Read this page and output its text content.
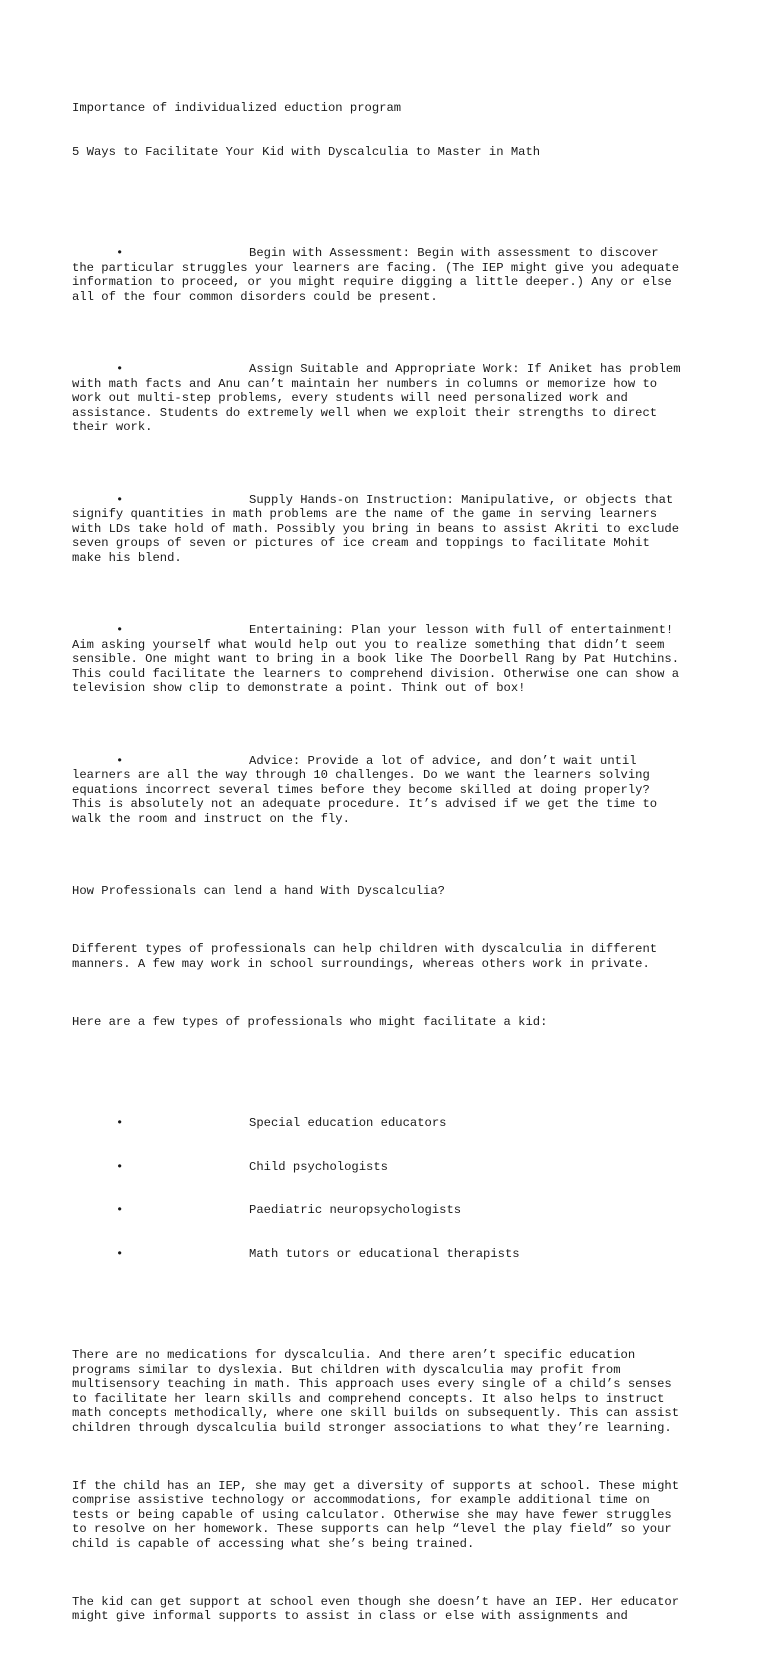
Importance of individualized eduction program

5 Ways to Facilitate Your Kid with Dyscalculia to Master in Math

•	Begin with Assessment: Begin with assessment to discover
the particular struggles your learners are facing. (The IEP might give you adequate
information to proceed, or you might require digging a little deeper.) Any or else
all of the four common disorders could be present.

•	Assign Suitable and Appropriate Work: If Aniket has problem
with math facts and Anu can’t maintain her numbers in columns or memorize how to
work out multi-step problems, every students will need personalized work and
assistance. Students do extremely well when we exploit their strengths to direct
their work.

•	Supply Hands-on Instruction: Manipulative, or objects that
signify quantities in math problems are the name of the game in serving learners
with LDs take hold of math. Possibly you bring in beans to assist Akriti to exclude
seven groups of seven or pictures of ice cream and toppings to facilitate Mohit
make his blend.

•	Entertaining: Plan your lesson with full of entertainment!
Aim asking yourself what would help out you to realize something that didn’t seem
sensible. One might want to bring in a book like The Doorbell Rang by Pat Hutchins.
This could facilitate the learners to comprehend division. Otherwise one can show a
television show clip to demonstrate a point. Think out of box!

•	Advice: Provide a lot of advice, and don’t wait until
learners are all the way through 10 challenges. Do we want the learners solving
equations incorrect several times before they become skilled at doing properly?
This is absolutely not an adequate procedure. It’s advised if we get the time to
walk the room and instruct on the fly.

How Professionals can lend a hand With Dyscalculia?

Different types of professionals can help children with dyscalculia in different
manners. A few may work in school surroundings, whereas others work in private.

Here are a few types of professionals who might facilitate a kid:

•	Special education educators

•	Child psychologists

•	Paediatric neuropsychologists

•	Math tutors or educational therapists

There are no medications for dyscalculia. And there aren’t specific education
programs similar to dyslexia. But children with dyscalculia may profit from
multisensory teaching in math. This approach uses every single of a child’s senses
to facilitate her learn skills and comprehend concepts. It also helps to instruct
math concepts methodically, where one skill builds on subsequently. This can assist
children through dyscalculia build stronger associations to what they’re learning.

If the child has an IEP, she may get a diversity of supports at school. These might
comprise assistive technology or accommodations, for example additional time on
tests or being capable of using calculator. Otherwise she may have fewer struggles
to resolve on her homework. These supports can help “level the play field” so your
child is capable of accessing what she’s being trained.

The kid can get support at school even though she doesn’t have an IEP. Her educator
might give informal supports to assist in class or else with assignments and
